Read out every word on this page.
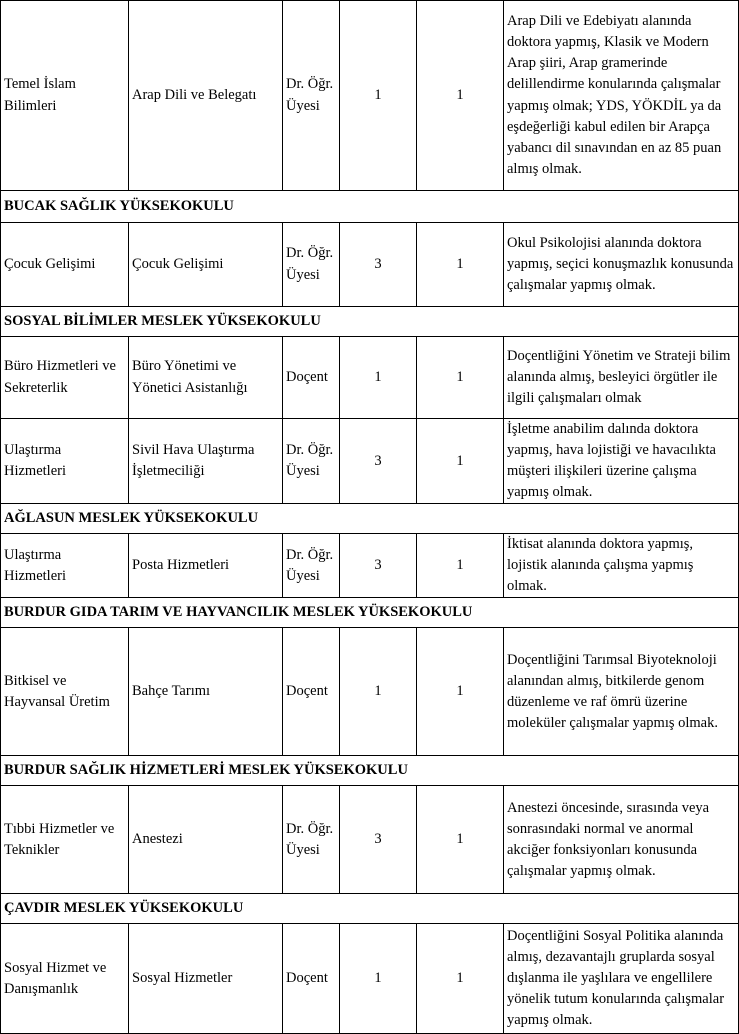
Temel İslam Bilimleri	Arap Dili ve Belegatı	Dr. Öğr. Üyesi	1	1	Arap Dili ve Edebiyatı alanında doktora yapmış, Klasik ve Modern Arap şiiri, Arap gramerinde delillendirme konularında çalışmalar yapmış olmak; YDS, YÖKDİL ya da eşdeğerliği kabul edilen bir Arapça yabancı dil sınavından en az 85 puan almış olmak.
BUCAK SAĞLIK YÜKSEKOKULU					
Çocuk Gelişimi	Çocuk Gelişimi	Dr. Öğr. Üyesi	3	1	Okul Psikolojisi alanında doktora yapmış, seçici konuşmazlık konusunda çalışmalar yapmış olmak.
SOSYAL BİLİMLER MESLEK YÜKSEKOKULU					
Büro Hizmetleri ve Sekreterlik	Büro Yönetimi ve Yönetici Asistanlığı	Doçent	1	1	Doçentliğini Yönetim ve Strateji bilim alanında almış, besleyici örgütler ile ilgili çalışmaları olmak
Ulaştırma Hizmetleri	Sivil Hava Ulaştırma İşletmeciliği	Dr. Öğr. Üyesi	3	1	İşletme anabilim dalında doktora yapmış, hava lojistiği ve havacılıkta müşteri ilişkileri üzerine çalışma yapmış olmak.
AĞLASUN MESLEK YÜKSEKOKULU					
Ulaştırma Hizmetleri	Posta Hizmetleri	Dr. Öğr. Üyesi	3	1	İktisat alanında doktora yapmış, lojistik alanında çalışma yapmış olmak.
BURDUR GIDA TARIM VE HAYVANCILIK MESLEK YÜKSEKOKULU					
Bitkisel ve Hayvansal Üretim	Bahçe Tarımı	Doçent	1	1	Doçentliğini Tarımsal Biyoteknoloji alanından almış, bitkilerde genom düzenleme ve raf ömrü üzerine moleküler çalışmalar yapmış olmak.
BURDUR SAĞLIK HİZMETLERİ MESLEK YÜKSEKOKULU					
Tıbbi Hizmetler ve Teknikler	Anestezi	Dr. Öğr. Üyesi	3	1	Anestezi öncesinde, sırasında veya sonrasındaki normal ve anormal akciğer fonksiyonları konusunda çalışmalar yapmış olmak.
ÇAVDIR MESLEK YÜKSEKOKULU					
Sosyal Hizmet ve Danışmanlık	Sosyal Hizmetler	Doçent	1	1	Doçentliğini Sosyal Politika alanında almış, dezavantajlı gruplarda sosyal dışlanma ile yaşlılara ve engellilere yönelik tutum konularında çalışmalar yapmış olmak.
